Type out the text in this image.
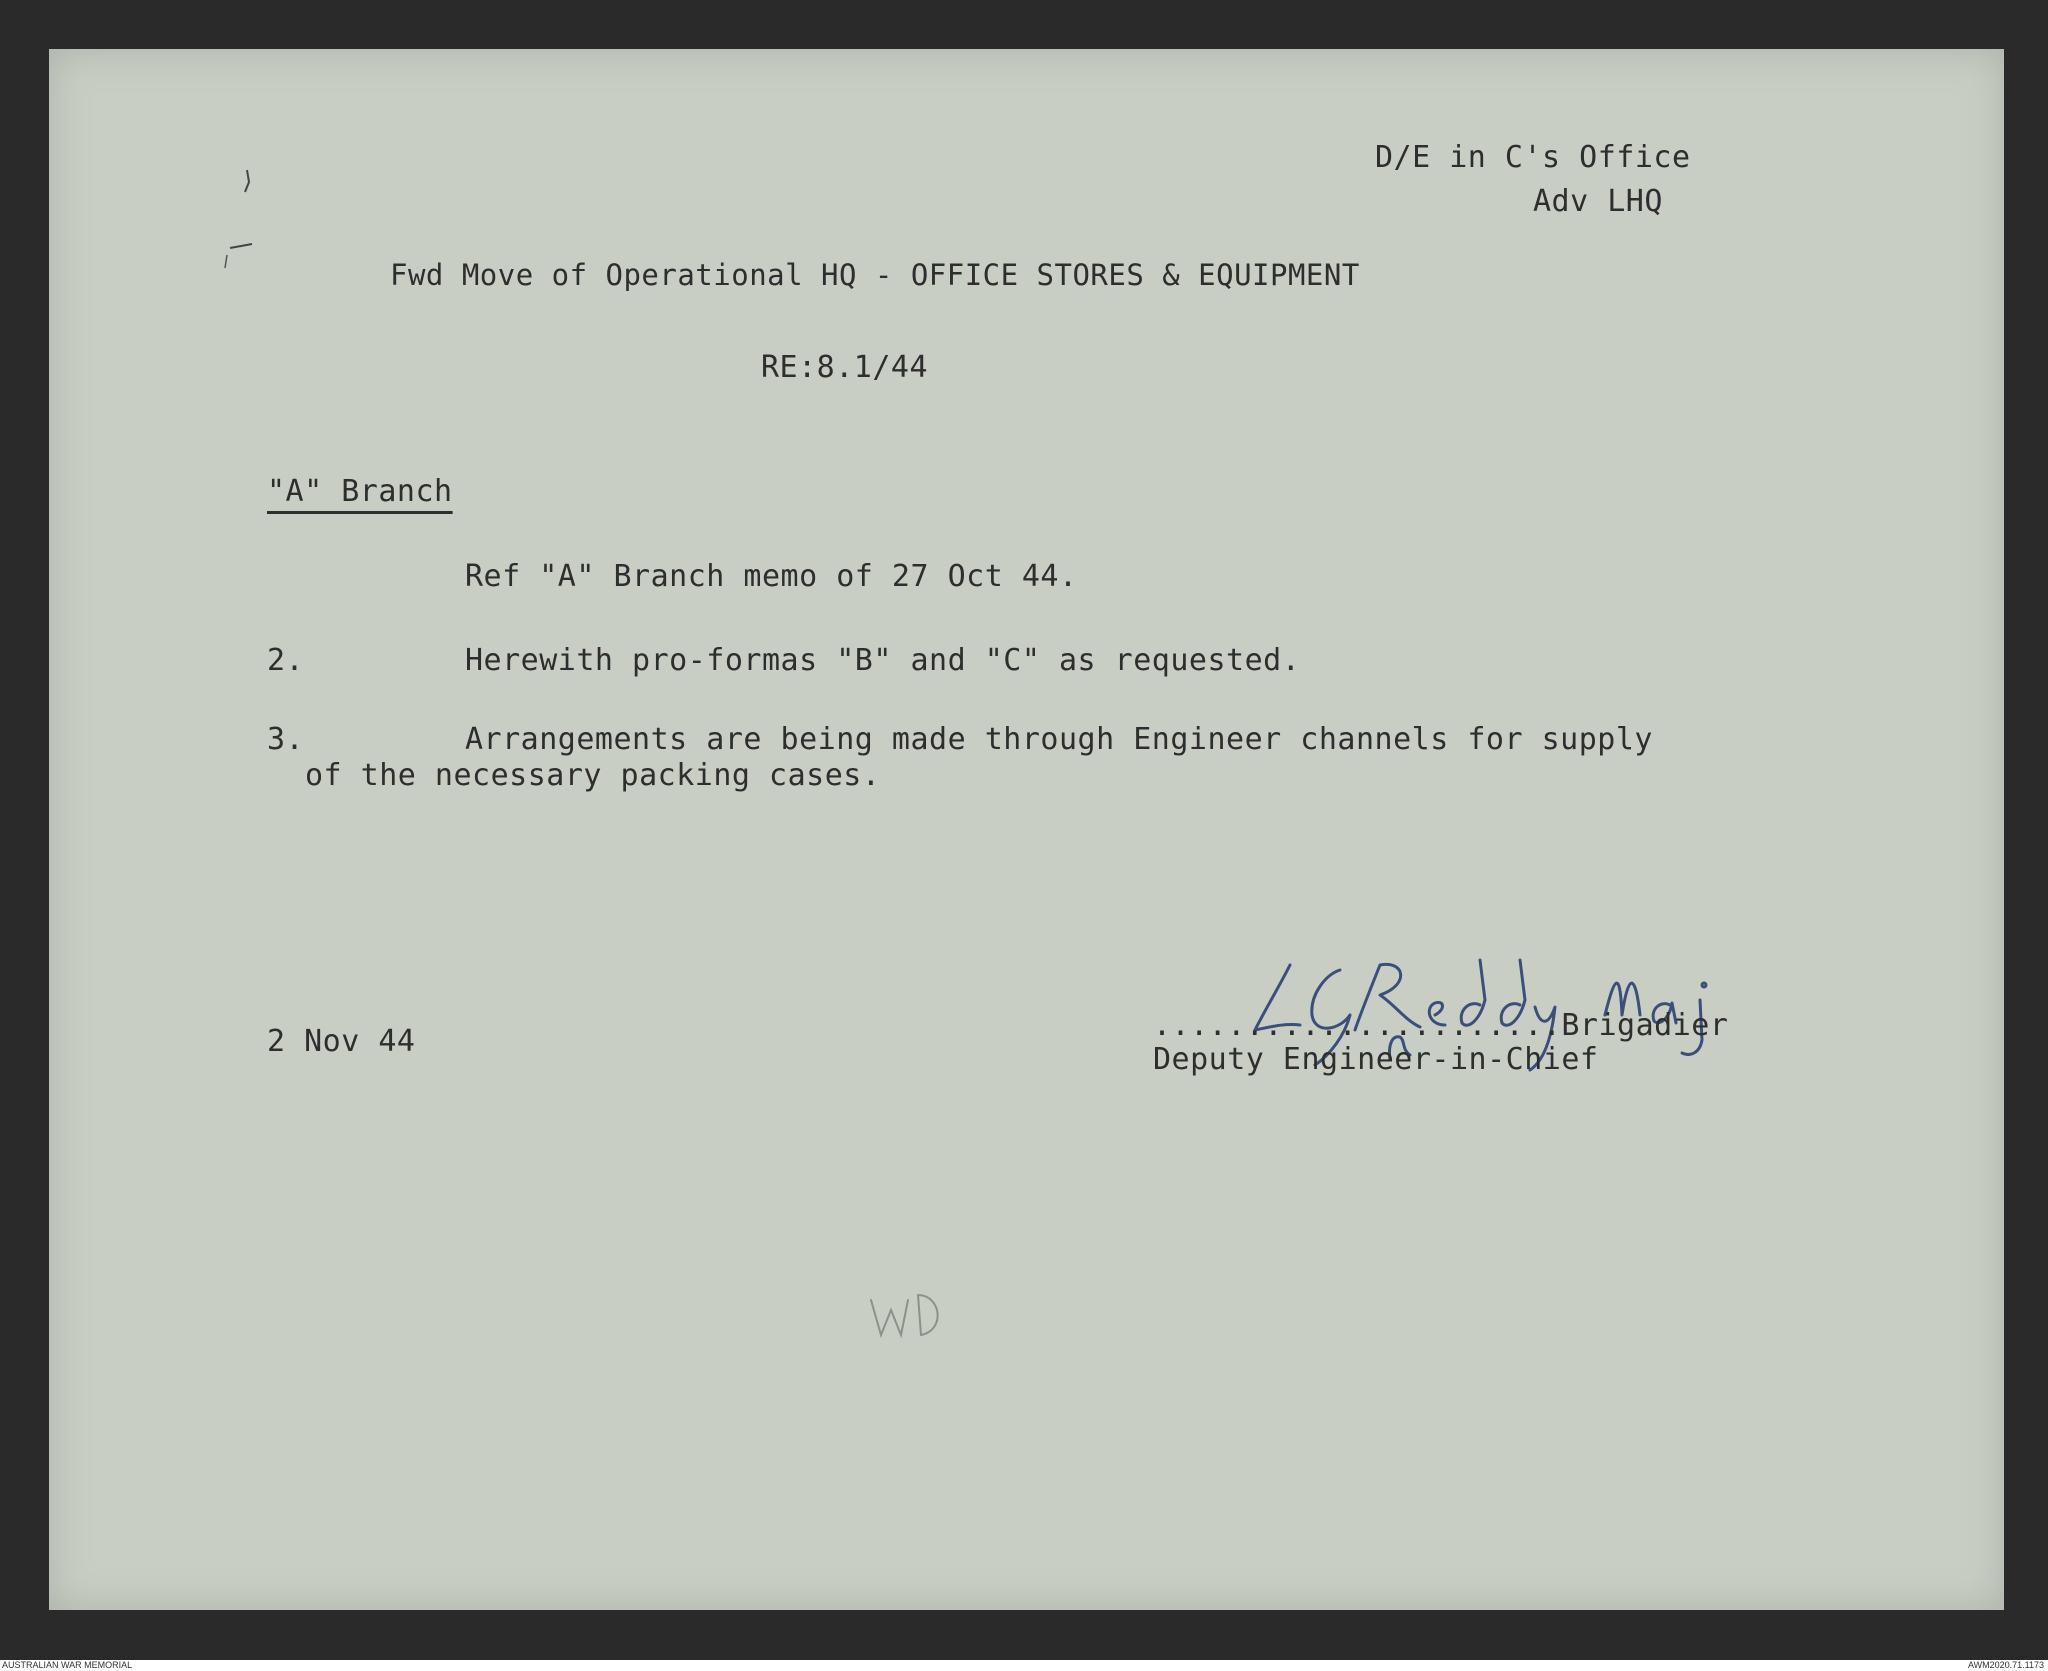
D/E in C's Office
Adv LHQ
Fwd Move of Operational HQ - OFFICE STORES & EQUIPMENT
RE:8.1/44
"A" Branch
Ref "A" Branch memo of 27 Oct 44.
2.	Herewith pro-formas "B" and "C" as requested.
3.	Arrangements are being made through Engineer channels for supply
of the necessary packing cases.
2 Nov 44	......................Brigadier
Deputy Engineer-in-Chief
AUSTRALIAN WAR MEMORIAL	AWM2020.71.1173
